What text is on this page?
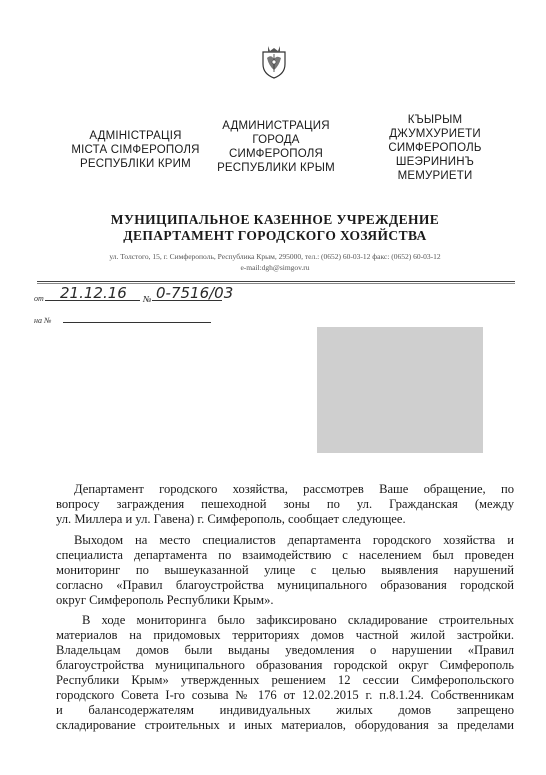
АДМІНІСТРАЦІЯ
МІСТА СІМФЕРОПОЛЯ
РЕСПУБЛІКИ КРИМ
АДМИНИСТРАЦИЯ
ГОРОДА
СИМФЕРОПОЛЯ
РЕСПУБЛИКИ КРЫМ
КЪЫРЫМ
ДЖУМХУРИЕТИ
СИМФЕРОПОЛЬ
ШЕЭРИНИНЪ
МЕМУРИЕТИ
МУНИЦИПАЛЬНОЕ КАЗЕННОЕ УЧРЕЖДЕНИЕ
ДЕПАРТАМЕНТ ГОРОДСКОГО ХОЗЯЙСТВА
ул. Толстого, 15, г. Симферополь, Республика Крым, 295000, тел.: (0652) 60-03-12 факс: (0652) 60-03-12
e-mail:dgh@simgov.ru
от 21.12.16 № 0-7516/03
на №
Департамент городского хозяйства, рассмотрев Ваше обращение, по
вопросу заграждения пешеходной зоны по ул. Гражданская (между
ул. Миллера и ул. Гавена) г. Симферополь, сообщает следующее.
Выходом на место специалистов департамента городского хозяйства и
специалиста департамента по взаимодействию с населением был проведен
мониторинг по вышеуказанной улице с целью выявления нарушений
согласно «Правил благоустройства муниципального образования городской
округ Симферополь Республики Крым».
В ходе мониторинга было зафиксировано складирование строительных
материалов на придомовых территориях домов частной жилой застройки.
Владельцам домов были выданы уведомления о нарушении «Правил
благоустройства муниципального образования городской округ Симферополь
Республики Крым» утвержденных решением 12 сессии Симферопольского
городского Совета I-го созыва № 176 от 12.02.2015 г. п.8.1.24. Собственникам
и балансодержателям индивидуальных жилых домов запрещено
складирование строительных и иных материалов, оборудования за пределами
